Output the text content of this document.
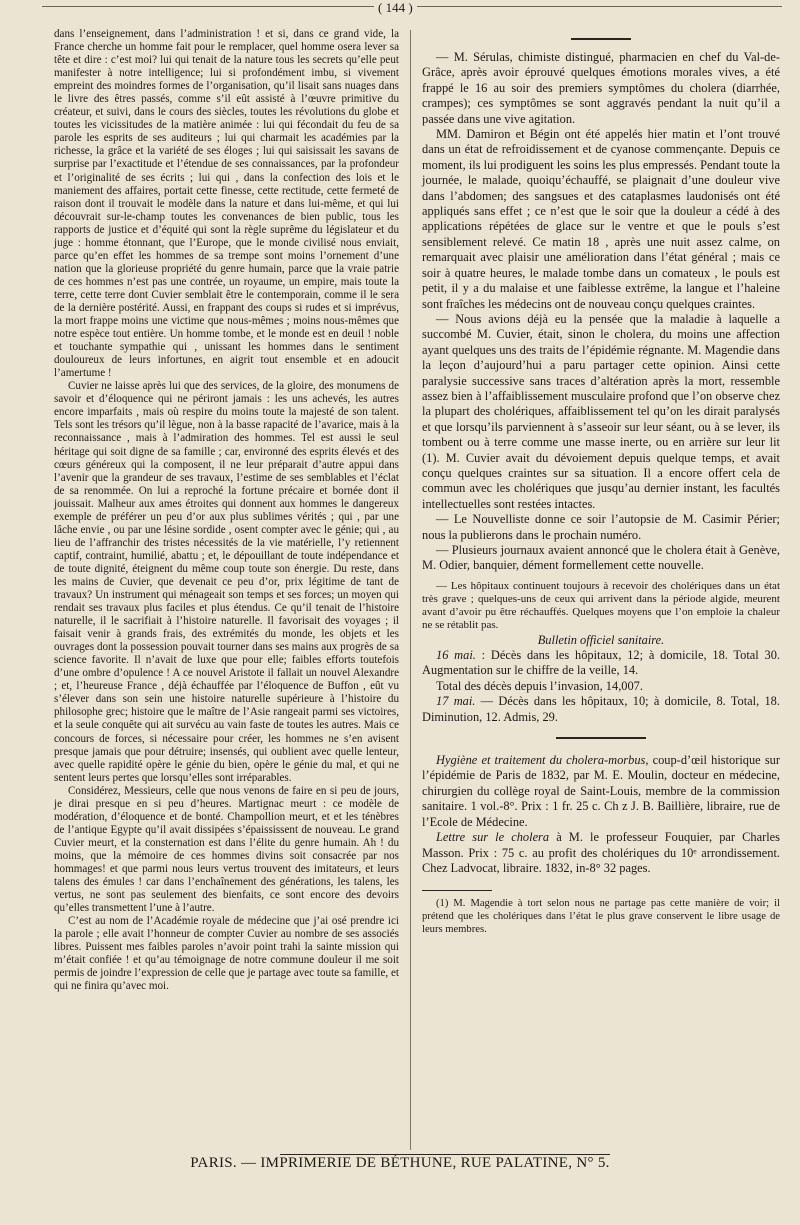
( 144 )

dans l’enseignement, dans l’administration ! et si, dans ce grand vide, la France cherche un homme fait pour le remplacer, quel homme osera lever sa tête et dire : c’est moi? lui qui tenait de la nature tous les secrets qu’elle peut manifester à notre intelligence; lui si profondément imbu, si vivement empreint des moindres formes de l’organisation, qu’il lisait sans nuages dans le livre des êtres passés, comme s’il eût assisté à l’œuvre primitive du créateur, et suivi, dans le cours des siècles, toutes les révolutions du globe et toutes les vicissitudes de la matière animée : lui qui fécondait du feu de sa parole les esprits de ses auditeurs ; lui qui charmait les académies par la richesse, la grâce et la variété de ses éloges ; lui qui saisissait les savans de surprise par l’exactitude et l’étendue de ses connaissances, par la profondeur et l’originalité de ses écrits ; lui qui , dans la confection des lois et le maniement des affaires, portait cette finesse, cette rectitude, cette fermeté de raison dont il trouvait le modèle dans la nature et dans lui-même, et qui lui découvrait sur-le-champ toutes les convenances de bien public, tous les rapports de justice et d’équité qui sont la règle suprême du législateur et du juge : homme étonnant, que l’Europe, que le monde civilisé nous enviait, parce qu’en effet les hommes de sa trempe sont moins l’ornement d’une nation que la glorieuse propriété du genre humain, parce que la vraie patrie de ces hommes n’est pas une contrée, un royaume, un empire, mais toute la terre, cette terre dont Cuvier semblait être le contemporain, comme il le sera de la dernière postérité. Aussi, en frappant des coups si rudes et si imprévus, la mort frappe moins une victime que nous-mêmes ; moins nous-mêmes que notre espèce tout entière. Un homme tombe, et le monde est en deuil ! noble et touchante sympathie qui , unissant les hommes dans le sentiment douloureux de leurs infortunes, en aigrit tout ensemble et en adoucit l’amertume !

Cuvier ne laisse après lui que des services, de la gloire, des monumens de savoir et d’éloquence qui ne périront jamais : les uns achevés, les autres encore imparfaits , mais où respire du moins toute la majesté de son talent. Tels sont les trésors qu’il lègue, non à la basse rapacité de l’avarice, mais à la reconnaissance , mais à l’admiration des hommes. Tel est aussi le seul héritage qui soit digne de sa famille ; car, environné des esprits élevés et des cœurs généreux qui la composent, il ne leur préparait d’autre appui dans l’avenir que la grandeur de ses travaux, l’estime de ses semblables et l’éclat de sa renommée. On lui a reproché la fortune précaire et bornée dont il jouissait. Malheur aux ames étroites qui donnent aux hommes le dangereux exemple de préférer un peu d’or aux plus sublimes vérités ; qui , par une lâche envie , ou par une lésine sordide , osent compter avec le génie; qui , au lieu de l’affranchir des tristes nécessités de la vie matérielle, l’y retiennent captif, contraint, humilié, abattu ; et, le dépouillant de toute indépendance et de toute dignité, éteignent du même coup toute son énergie. Du reste, dans les mains de Cuvier, que devenait ce peu d’or, prix légitime de tant de travaux? Un instrument qui ménageait son temps et ses forces; un moyen qui rendait ses travaux plus faciles et plus étendus. Ce qu’il tenait de l’histoire naturelle, il le sacrifiait à l’histoire naturelle. Il favorisait des voyages ; il faisait venir à grands frais, des extrémités du monde, les objets et les ouvrages dont la possession pouvait tourner dans ses mains aux progrès de sa science favorite. Il n’avait de luxe que pour elle; faibles efforts toutefois d’une ombre d’opulence ! A ce nouvel Aristote il fallait un nouvel Alexandre ; et, l’heureuse France , déjà échauffée par l’éloquence de Buffon , eût vu s’élever dans son sein une histoire naturelle supérieure à l’histoire du philosophe grec; histoire que le maître de l’Asie rangeait parmi ses victoires, et la seule conquête qui ait survécu au vain faste de toutes les autres. Mais ce concours de forces, si nécessaire pour créer, les hommes ne s’en avisent presque jamais que pour détruire; insensés, qui oublient avec quelle lenteur, avec quelle rapidité opère le génie du bien, opère le génie du mal, et qui ne sentent leurs pertes que lorsqu’elles sont irréparables.

Considérez, Messieurs, celle que nous venons de faire en si peu de jours, je dirai presque en si peu d’heures. Martignac meurt : ce modèle de modération, d’éloquence et de bonté. Champollion meurt, et et les ténèbres de l’antique Egypte qu’il avait dissipées s’épaississent de nouveau. Le grand Cuvier meurt, et la consternation est dans l’élite du genre humain. Ah ! du moins, que la mémoire de ces hommes divins soit consacrée par nos hommages! et que parmi nous leurs vertus trouvent des imitateurs, et leurs talens des émules ! car dans l’enchaînement des générations, les talens, les vertus, ne sont pas seulement des bienfaits, ce sont encore des devoirs qu’elles transmettent l’une à l’autre.

C’est au nom de l’Académie royale de médecine que j’ai osé prendre ici la parole ; elle avait l’honneur de compter Cuvier au nombre de ses associés libres. Puissent mes faibles paroles n’avoir point trahi la sainte mission qui m’était confiée ! et qu’au témoignage de notre commune douleur il me soit permis de joindre l’expression de celle que je partage avec toute sa famille, et qui ne finira qu’avec moi.

— M. Sérulas, chimiste distingué, pharmacien en chef du Val-de-Grâce, après avoir éprouvé quelques émotions morales vives, a été frappé le 16 au soir des premiers symptômes du cholera (diarrhée, crampes); ces symptômes se sont aggravés pendant la nuit qu’il a passée dans une vive agitation.

MM. Damiron et Bégin ont été appelés hier matin et l’ont trouvé dans un état de refroidissement et de cyanose commençante. Depuis ce moment, ils lui prodiguent les soins les plus empressés. Pendant toute la journée, le malade, quoiqu’échauffé, se plaignait d’une douleur vive dans l’abdomen; des sangsues et des cataplasmes laudonisés ont été appliqués sans effet ; ce n’est que le soir que la douleur a cédé à des applications répétées de glace sur le ventre et que le pouls s’est sensiblement relevé. Ce matin 18 , après une nuit assez calme, on remarquait avec plaisir une amélioration dans l’état général ; mais ce soir à quatre heures, le malade tombe dans un comateux , le pouls est petit, il y a du malaise et une faiblesse extrême, la langue et l’haleine sont fraîches les médecins ont de nouveau conçu quelques craintes.

— Nous avions déjà eu la pensée que la maladie à laquelle a succombé M. Cuvier, était, sinon le cholera, du moins une affection ayant quelques uns des traits de l’épidémie régnante. M. Magendie dans la leçon d’aujourd’hui a paru partager cette opinion. Ainsi cette paralysie successive sans traces d’altération après la mort, ressemble assez bien à l’affaiblissement musculaire profond que l’on observe chez la plupart des cholériques, affaiblissement tel qu’on les dirait paralysés et que lorsqu’ils parviennent à s’asseoir sur leur séant, ou à se lever, ils tombent ou à terre comme une masse inerte, ou en arrière sur leur lit (1). M. Cuvier avait du dévoiement depuis quelque temps, et avait conçu quelques craintes sur sa situation. Il a encore offert cela de commun avec les cholériques que jusqu’au dernier instant, les facultés intellectuelles sont restées intactes.

— Le Nouvelliste donne ce soir l’autopsie de M. Casimir Périer; nous la publierons dans le prochain numéro.

— Plusieurs journaux avaient annoncé que le cholera était à Genève, M. Odier, banquier, dément formellement cette nouvelle.

— Les hôpitaux continuent toujours à recevoir des cholériques dans un état très grave ; quelques-uns de ceux qui arrivent dans la période algide, meurent avant d’avoir pu être réchauffés. Quelques moyens que l’on emploie la chaleur ne se rétablit pas.

Bulletin officiel sanitaire.

16 mai. : Décès dans les hôpitaux, 12; à domicile, 18. Total 30. Augmentation sur le chiffre de la veille, 14.

Total des décès depuis l’invasion, 14,007.

17 mai. — Décès dans les hôpitaux, 10; à domicile, 8. Total, 18. Diminution, 12. Admis, 29.

Hygiène et traitement du cholera-morbus, coup-d’œil historique sur l’épidémie de Paris de 1832, par M. E. Moulin, docteur en médecine, chirurgien du collège royal de Saint-Louis, membre de la commission sanitaire. 1 vol.-8°. Prix : 1 fr. 25 c. Ch z J. B. Baillière, libraire, rue de l’Ecole de Médecine.

Lettre sur le cholera à M. le professeur Fouquier, par Charles Masson. Prix : 75 c. au profit des cholériques du 10ᵉ arrondissement. Chez Ladvocat, libraire. 1832, in-8° 32 pages.

(1) M. Magendie à tort selon nous ne partage pas cette manière de voir; il prétend que les cholériques dans l’état le plus grave conservent le libre usage de leurs membres.

PARIS. — IMPRIMERIE DE BÉTHUNE, RUE PALATINE, N° 5.
